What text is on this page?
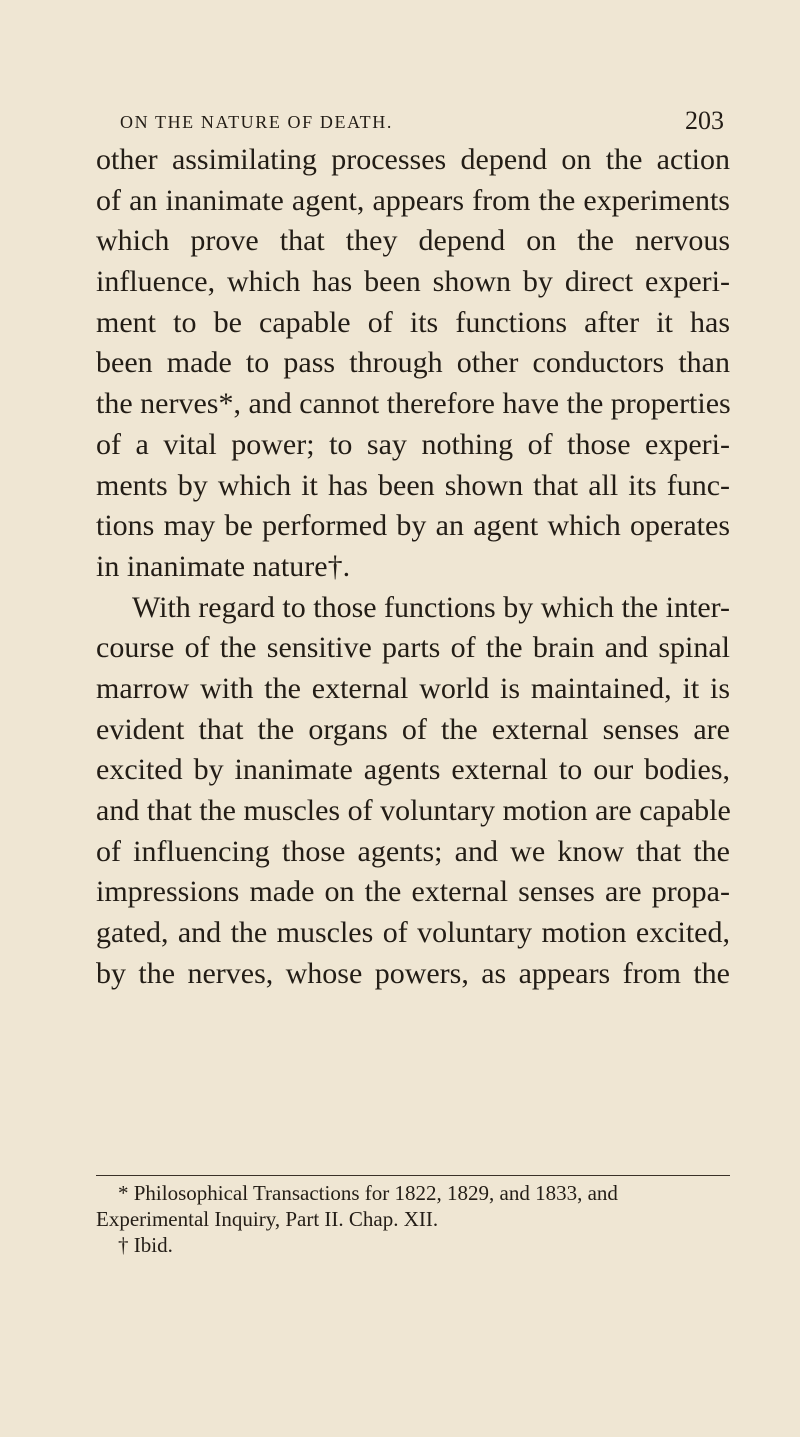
ON THE NATURE OF DEATH.	203
other assimilating processes depend on the action
of an inanimate agent, appears from the experiments
which prove that they depend on the nervous
influence, which has been shown by direct experi-
ment to be capable of its functions after it has
been made to pass through other conductors than
the nerves*, and cannot therefore have the properties
of a vital power; to say nothing of those experi-
ments by which it has been shown that all its func-
tions may be performed by an agent which operates
in inanimate nature†.
With regard to those functions by which the inter-
course of the sensitive parts of the brain and spinal
marrow with the external world is maintained, it is
evident that the organs of the external senses are
excited by inanimate agents external to our bodies,
and that the muscles of voluntary motion are capable
of influencing those agents; and we know that the
impressions made on the external senses are propa-
gated, and the muscles of voluntary motion excited,
by the nerves, whose powers, as appears from the
* Philosophical Transactions for 1822, 1829, and 1833, and
Experimental Inquiry, Part II. Chap. XII.
† Ibid.
